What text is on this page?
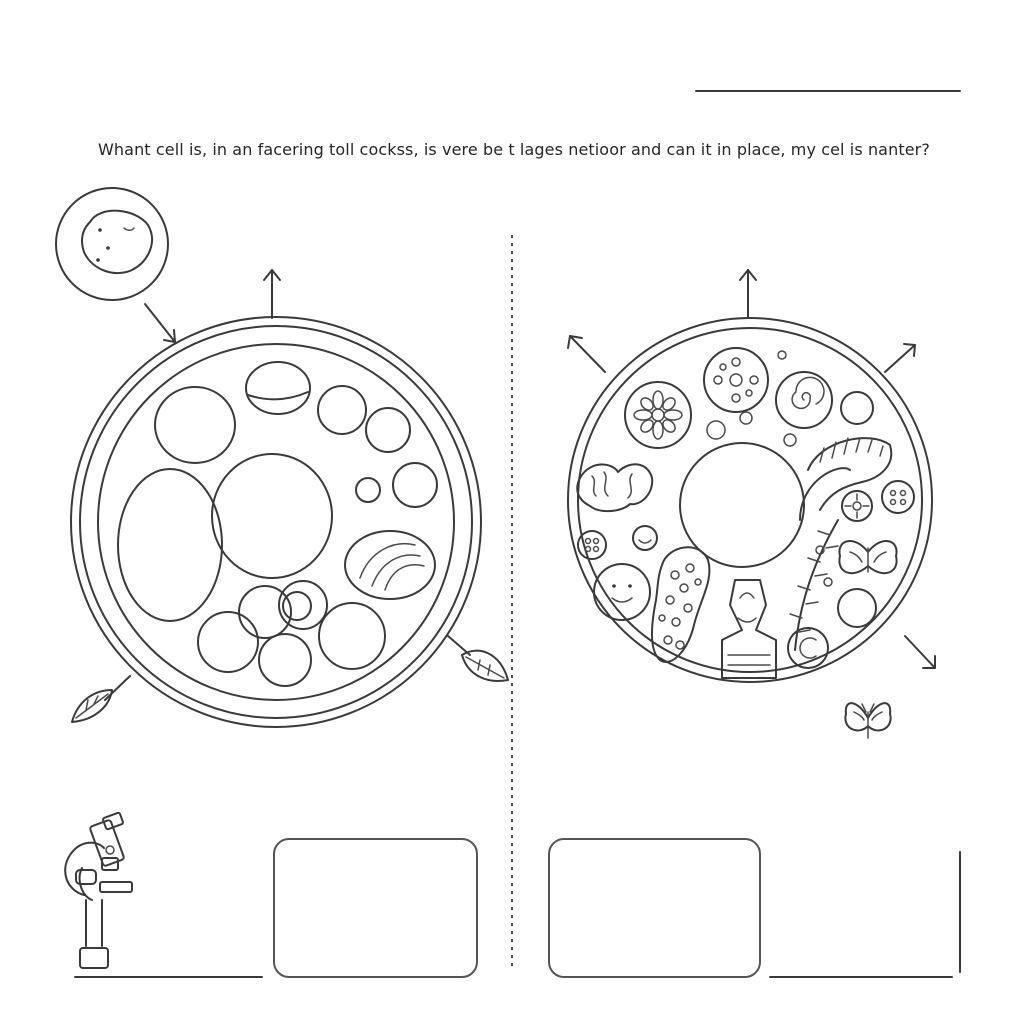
Whant cell is, in an facering toll cockss, is vere be t lages netioor and can it in place, my cel is nanter?
